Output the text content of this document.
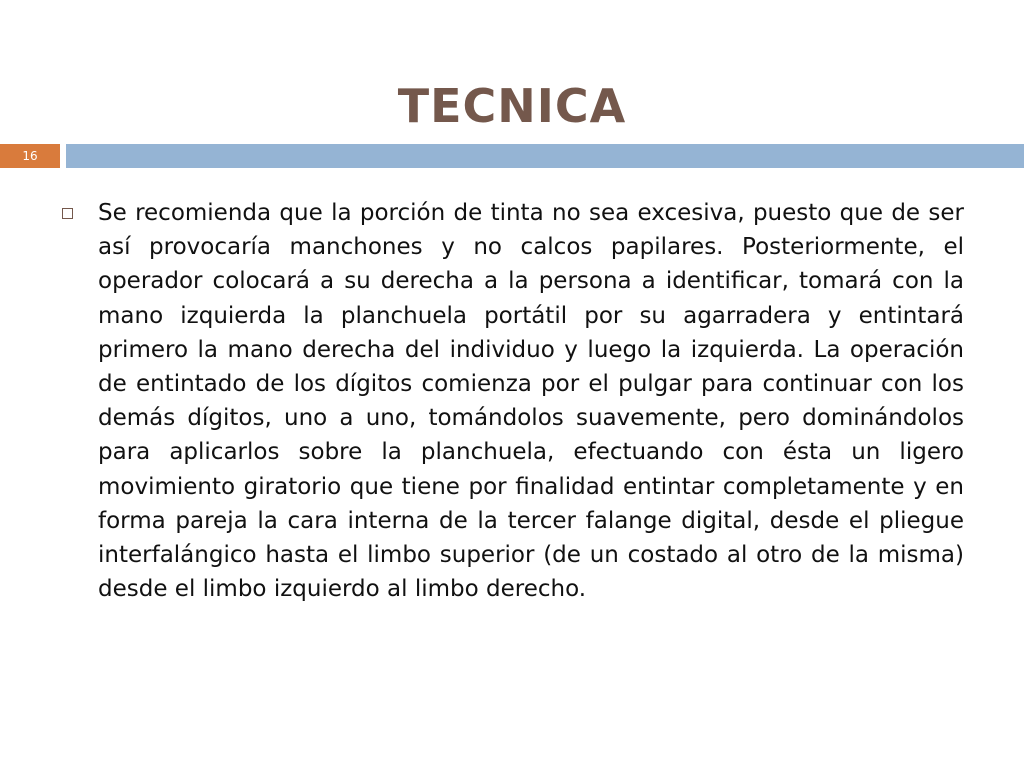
TECNICA
16

Se recomienda que la porción de tinta no sea excesiva, puesto que de ser así provocaría manchones y no calcos papilares. Posteriormente, el operador colocará a su derecha a la persona a identificar, tomará con la mano izquierda la planchuela portátil por su agarradera y entintará primero la mano derecha del individuo y luego la izquierda. La operación de entintado de los dígitos comienza por el pulgar para continuar con los demás dígitos, uno a uno, tomándolos suavemente, pero dominándolos para aplicarlos sobre la planchuela, efectuando con ésta un ligero movimiento giratorio que tiene por finalidad entintar completamente y en forma pareja la cara interna de la tercer falange digital, desde el pliegue interfalángico hasta el limbo superior (de un costado al otro de la misma) desde el limbo izquierdo al limbo derecho.
